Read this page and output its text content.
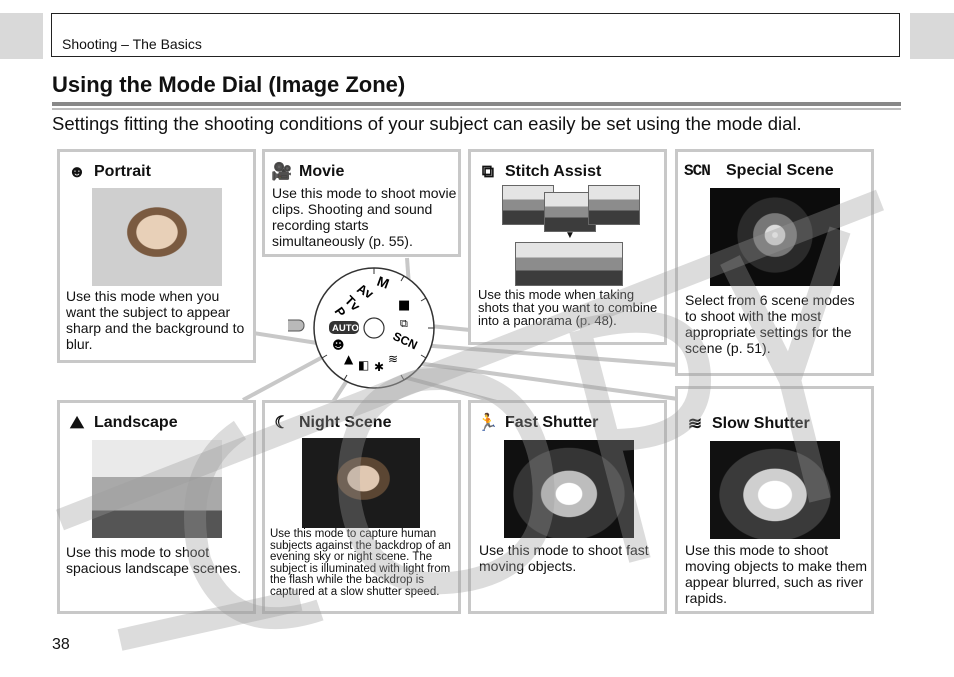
Shooting – The Basics
Using the Mode Dial (Image Zone)

Settings fitting the shooting conditions of your subject can easily be set using the mode dial.

☻ Portrait
Use this mode when you want the subject to appear sharp and the background to blur.
🎥 Movie
Use this mode to shoot movie clips. Shooting and sound recording starts simultaneously (p. 55).
⧉ Stitch Assist
▼
Use this mode when taking shots that you want to combine into a panorama (p. 48).
SCN	Special Scene
Select from 6 scene modes to shoot with the most appropriate settings for the scene (p. 51).
⛰ Landscape
Use this mode to shoot spacious landscape scenes.
☾ Night Scene
Use this mode to capture human subjects against the backdrop of an evening sky or night scene. The subject is illuminated with light from the flash while the backdrop is captured at a slow shutter speed.
🏃 Fast Shutter
Use this mode to shoot fast moving objects.
≋ Slow Shutter
Use this mode to shoot moving objects to make them appear blurred, such as river rapids.
M
Av
Tv
P
AUTO
SCN
■
⧉
☻
▲ ◧ ✱
≋
38
